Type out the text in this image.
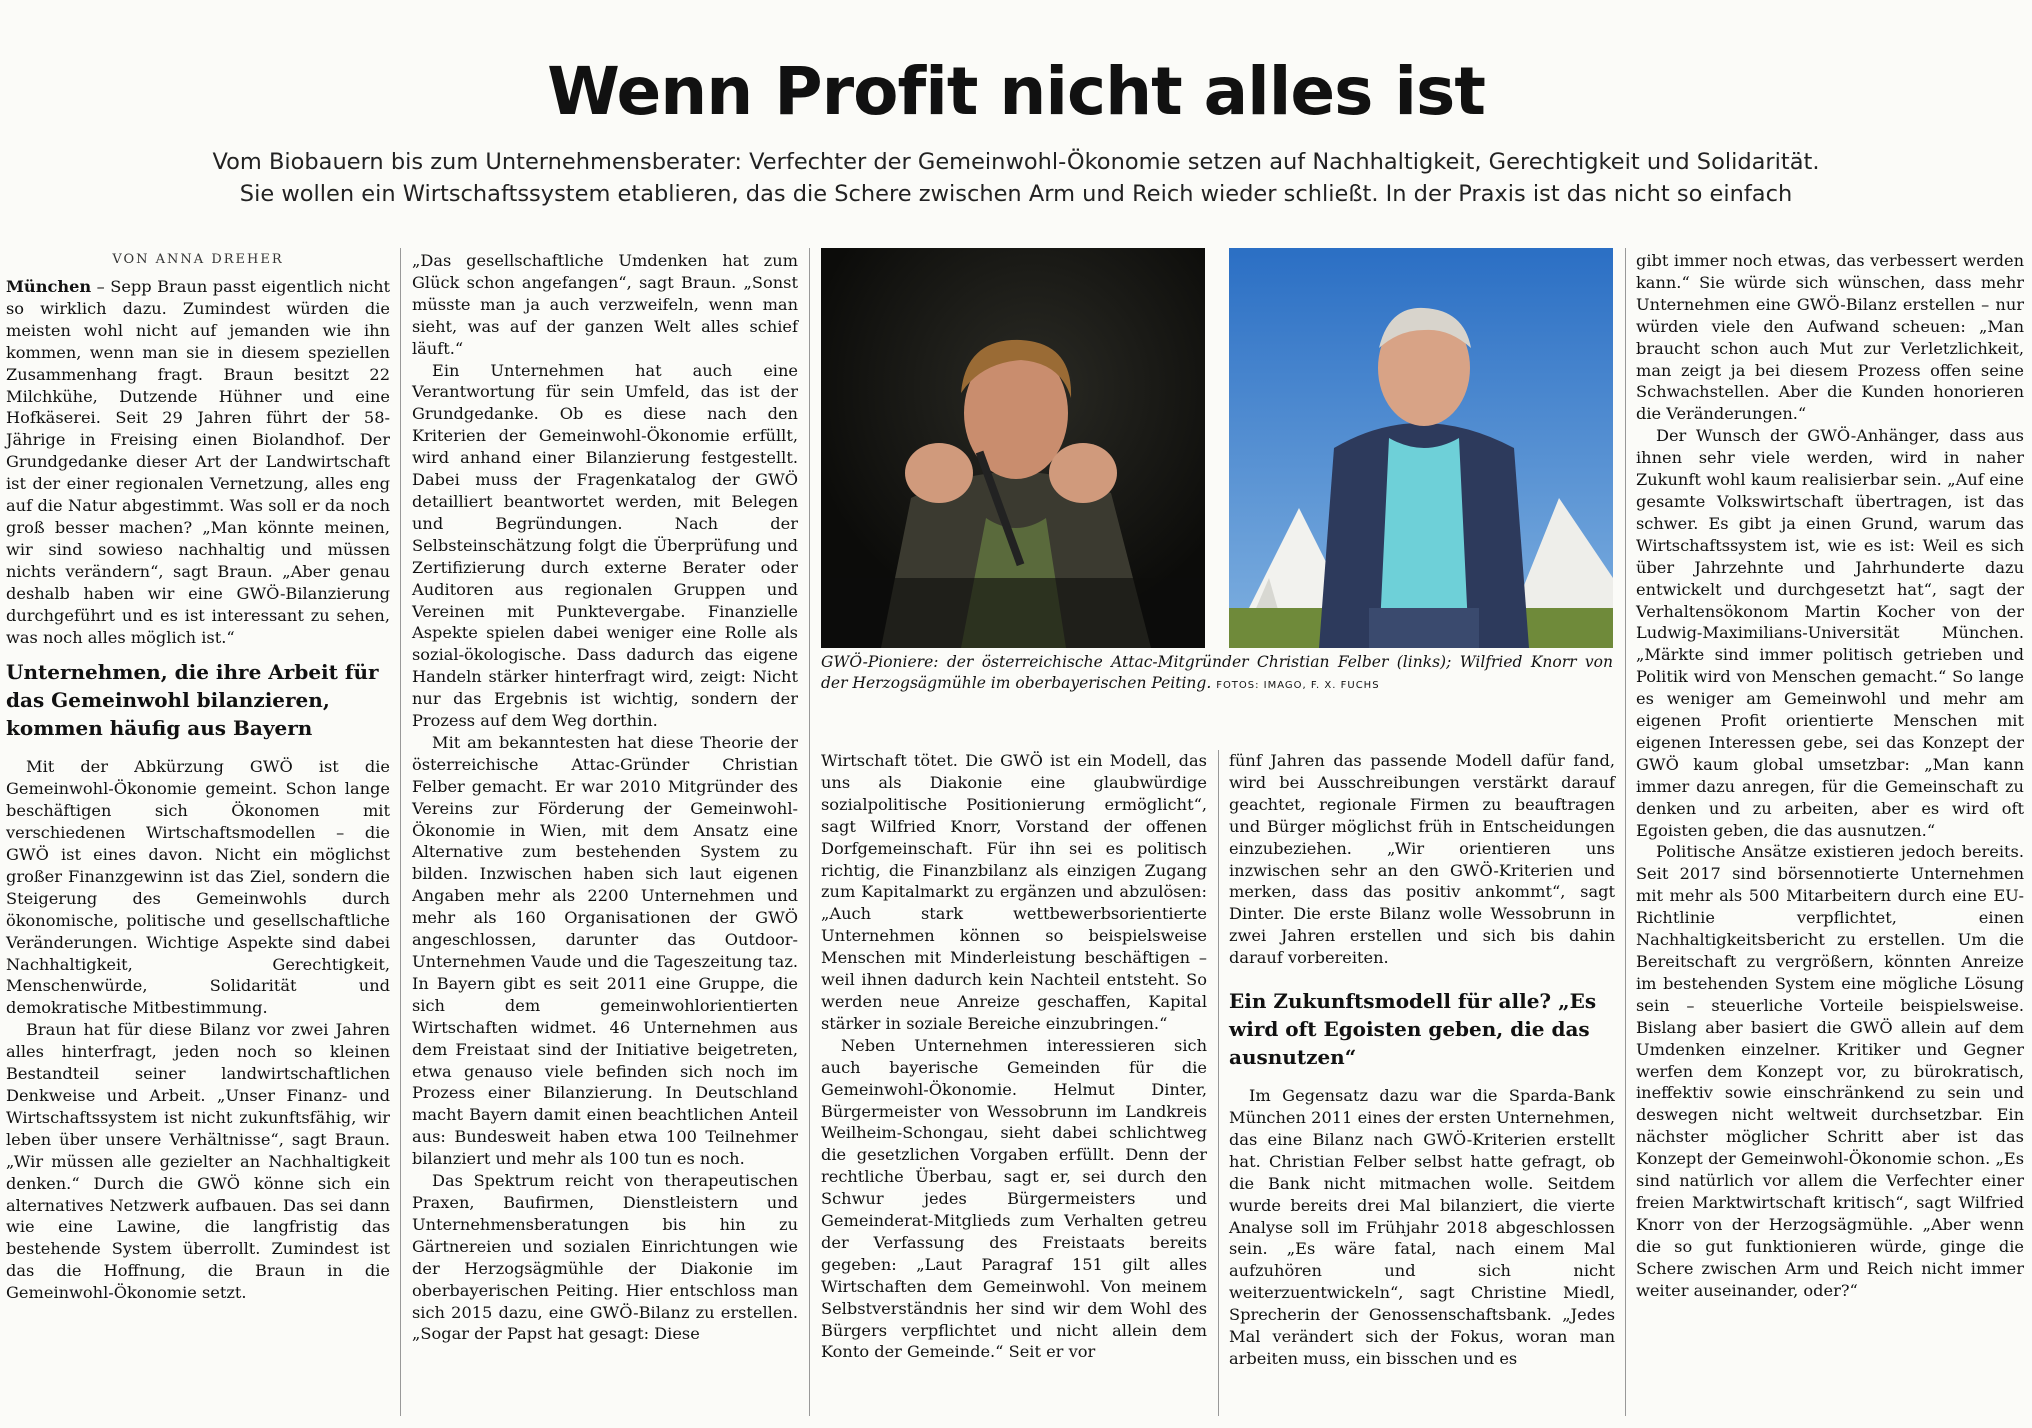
Wenn Profit nicht alles ist
Vom Biobauern bis zum Unternehmensberater: Verfechter der Gemeinwohl-Ökonomie setzen auf Nachhaltigkeit, Gerechtigkeit und Solidarität.
Sie wollen ein Wirtschaftssystem etablieren, das die Schere zwischen Arm und Reich wieder schließt. In der Praxis ist das nicht so einfach
VON ANNA DREHER

München – Sepp Braun passt eigentlich nicht so wirklich dazu. Zumindest würden die meisten wohl nicht auf jemanden wie ihn kommen, wenn man sie in diesem speziellen Zusammenhang fragt. Braun besitzt 22 Milchkühe, Dutzende Hühner und eine Hofkäserei. Seit 29 Jahren führt der 58-Jährige in Freising einen Biolandhof. Der Grundgedanke dieser Art der Landwirtschaft ist der einer regionalen Vernetzung, alles eng auf die Natur abgestimmt. Was soll er da noch groß besser machen? „Man könnte meinen, wir sind sowieso nachhaltig und müssen nichts verändern“, sagt Braun. „Aber genau deshalb haben wir eine GWÖ-Bilanzierung durchgeführt und es ist interessant zu sehen, was noch alles möglich ist.“

Unternehmen, die ihre Arbeit für das Gemeinwohl bilanzieren, kommen häufig aus Bayern

Mit der Abkürzung GWÖ ist die Gemeinwohl-Ökonomie gemeint. Schon lange beschäftigen sich Ökonomen mit verschiedenen Wirtschaftsmodellen – die GWÖ ist eines davon. Nicht ein möglichst großer Finanzgewinn ist das Ziel, sondern die Steigerung des Gemeinwohls durch ökonomische, politische und gesellschaftliche Veränderungen. Wichtige Aspekte sind dabei Nachhaltigkeit, Gerechtigkeit, Menschenwürde, Solidarität und demokratische Mitbestimmung.

Braun hat für diese Bilanz vor zwei Jahren alles hinterfragt, jeden noch so kleinen Bestandteil seiner landwirtschaftlichen Denkweise und Arbeit. „Unser Finanz- und Wirtschaftssystem ist nicht zukunftsfähig, wir leben über unsere Verhältnisse“, sagt Braun. „Wir müssen alle gezielter an Nachhaltigkeit denken.“ Durch die GWÖ könne sich ein alternatives Netzwerk aufbauen. Das sei dann wie eine Lawine, die langfristig das bestehende System überrollt. Zumindest ist das die Hoffnung, die Braun in die Gemeinwohl-Ökonomie setzt.

„Das gesellschaftliche Umdenken hat zum Glück schon angefangen“, sagt Braun. „Sonst müsste man ja auch verzweifeln, wenn man sieht, was auf der ganzen Welt alles schief läuft.“

Ein Unternehmen hat auch eine Verantwortung für sein Umfeld, das ist der Grundgedanke. Ob es diese nach den Kriterien der Gemeinwohl-Ökonomie erfüllt, wird anhand einer Bilanzierung festgestellt. Dabei muss der Fragenkatalog der GWÖ detailliert beantwortet werden, mit Belegen und Begründungen. Nach der Selbsteinschätzung folgt die Überprüfung und Zertifizierung durch externe Berater oder Auditoren aus regionalen Gruppen und Vereinen mit Punktevergabe. Finanzielle Aspekte spielen dabei weniger eine Rolle als sozial-ökologische. Dass dadurch das eigene Handeln stärker hinterfragt wird, zeigt: Nicht nur das Ergebnis ist wichtig, sondern der Prozess auf dem Weg dorthin.

Mit am bekanntesten hat diese Theorie der österreichische Attac-Gründer Christian Felber gemacht. Er war 2010 Mitgründer des Vereins zur Förderung der Gemeinwohl-Ökonomie in Wien, mit dem Ansatz eine Alternative zum bestehenden System zu bilden. Inzwischen haben sich laut eigenen Angaben mehr als 2200 Unternehmen und mehr als 160 Organisationen der GWÖ angeschlossen, darunter das Outdoor-Unternehmen Vaude und die Tageszeitung taz. In Bayern gibt es seit 2011 eine Gruppe, die sich dem gemeinwohlorientierten Wirtschaften widmet. 46 Unternehmen aus dem Freistaat sind der Initiative beigetreten, etwa genauso viele befinden sich noch im Prozess einer Bilanzierung. In Deutschland macht Bayern damit einen beachtlichen Anteil aus: Bundesweit haben etwa 100 Teilnehmer bilanziert und mehr als 100 tun es noch.

Das Spektrum reicht von therapeutischen Praxen, Baufirmen, Dienstleistern und Unternehmensberatungen bis hin zu Gärtnereien und sozialen Einrichtungen wie der Herzogsägmühle der Diakonie im oberbayerischen Peiting. Hier entschloss man sich 2015 dazu, eine GWÖ-Bilanz zu erstellen. „Sogar der Papst hat gesagt: Diese

GWÖ-Pioniere: der österreichische Attac-Mitgründer Christian Felber (links); Wilfried Knorr von der Herzogsägmühle im oberbayerischen Peiting. FOTOS: IMAGO, F. X. FUCHS

Wirtschaft tötet. Die GWÖ ist ein Modell, das uns als Diakonie eine glaubwürdige sozialpolitische Positionierung ermöglicht“, sagt Wilfried Knorr, Vorstand der offenen Dorfgemeinschaft. Für ihn sei es politisch richtig, die Finanzbilanz als einzigen Zugang zum Kapitalmarkt zu ergänzen und abzulösen: „Auch stark wettbewerbsorientierte Unternehmen können so beispielsweise Menschen mit Minderleistung beschäftigen – weil ihnen dadurch kein Nachteil entsteht. So werden neue Anreize geschaffen, Kapital stärker in soziale Bereiche einzubringen.“

Neben Unternehmen interessieren sich auch bayerische Gemeinden für die Gemeinwohl-Ökonomie. Helmut Dinter, Bürgermeister von Wessobrunn im Landkreis Weilheim-Schongau, sieht dabei schlichtweg die gesetzlichen Vorgaben erfüllt. Denn der rechtliche Überbau, sagt er, sei durch den Schwur jedes Bürgermeisters und Gemeinderat-Mitglieds zum Verhalten getreu der Verfassung des Freistaats bereits gegeben: „Laut Paragraf 151 gilt alles Wirtschaften dem Gemeinwohl. Von meinem Selbstverständnis her sind wir dem Wohl des Bürgers verpflichtet und nicht allein dem Konto der Gemeinde.“ Seit er vor

fünf Jahren das passende Modell dafür fand, wird bei Ausschreibungen verstärkt darauf geachtet, regionale Firmen zu beauftragen und Bürger möglichst früh in Entscheidungen einzubeziehen. „Wir orientieren uns inzwischen sehr an den GWÖ-Kriterien und merken, dass das positiv ankommt“, sagt Dinter. Die erste Bilanz wolle Wessobrunn in zwei Jahren erstellen und sich bis dahin darauf vorbereiten.

Ein Zukunftsmodell für alle? „Es wird oft Egoisten geben, die das ausnutzen“

Im Gegensatz dazu war die Sparda-Bank München 2011 eines der ersten Unternehmen, das eine Bilanz nach GWÖ-Kriterien erstellt hat. Christian Felber selbst hatte gefragt, ob die Bank nicht mitmachen wolle. Seitdem wurde bereits drei Mal bilanziert, die vierte Analyse soll im Frühjahr 2018 abgeschlossen sein. „Es wäre fatal, nach einem Mal aufzuhören und sich nicht weiterzuentwickeln“, sagt Christine Miedl, Sprecherin der Genossenschaftsbank. „Jedes Mal verändert sich der Fokus, woran man arbeiten muss, ein bisschen und es

gibt immer noch etwas, das verbessert werden kann.“ Sie würde sich wünschen, dass mehr Unternehmen eine GWÖ-Bilanz erstellen – nur würden viele den Aufwand scheuen: „Man braucht schon auch Mut zur Verletzlichkeit, man zeigt ja bei diesem Prozess offen seine Schwachstellen. Aber die Kunden honorieren die Veränderungen.“

Der Wunsch der GWÖ-Anhänger, dass aus ihnen sehr viele werden, wird in naher Zukunft wohl kaum realisierbar sein. „Auf eine gesamte Volkswirtschaft übertragen, ist das schwer. Es gibt ja einen Grund, warum das Wirtschaftssystem ist, wie es ist: Weil es sich über Jahrzehnte und Jahrhunderte dazu entwickelt und durchgesetzt hat“, sagt der Verhaltensökonom Martin Kocher von der Ludwig-Maximilians-Universität München. „Märkte sind immer politisch getrieben und Politik wird von Menschen gemacht.“ So lange es weniger am Gemeinwohl und mehr am eigenen Profit orientierte Menschen mit eigenen Interessen gebe, sei das Konzept der GWÖ kaum global umsetzbar: „Man kann immer dazu anregen, für die Gemeinschaft zu denken und zu arbeiten, aber es wird oft Egoisten geben, die das ausnutzen.“

Politische Ansätze existieren jedoch bereits. Seit 2017 sind börsennotierte Unternehmen mit mehr als 500 Mitarbeitern durch eine EU-Richtlinie verpflichtet, einen Nachhaltigkeitsbericht zu erstellen. Um die Bereitschaft zu vergrößern, könnten Anreize im bestehenden System eine mögliche Lösung sein – steuerliche Vorteile beispielsweise. Bislang aber basiert die GWÖ allein auf dem Umdenken einzelner. Kritiker und Gegner werfen dem Konzept vor, zu bürokratisch, ineffektiv sowie einschränkend zu sein und deswegen nicht weltweit durchsetzbar. Ein nächster möglicher Schritt aber ist das Konzept der Gemeinwohl-Ökonomie schon. „Es sind natürlich vor allem die Verfechter einer freien Marktwirtschaft kritisch“, sagt Wilfried Knorr von der Herzogsägmühle. „Aber wenn die so gut funktionieren würde, ginge die Schere zwischen Arm und Reich nicht immer weiter auseinander, oder?“
